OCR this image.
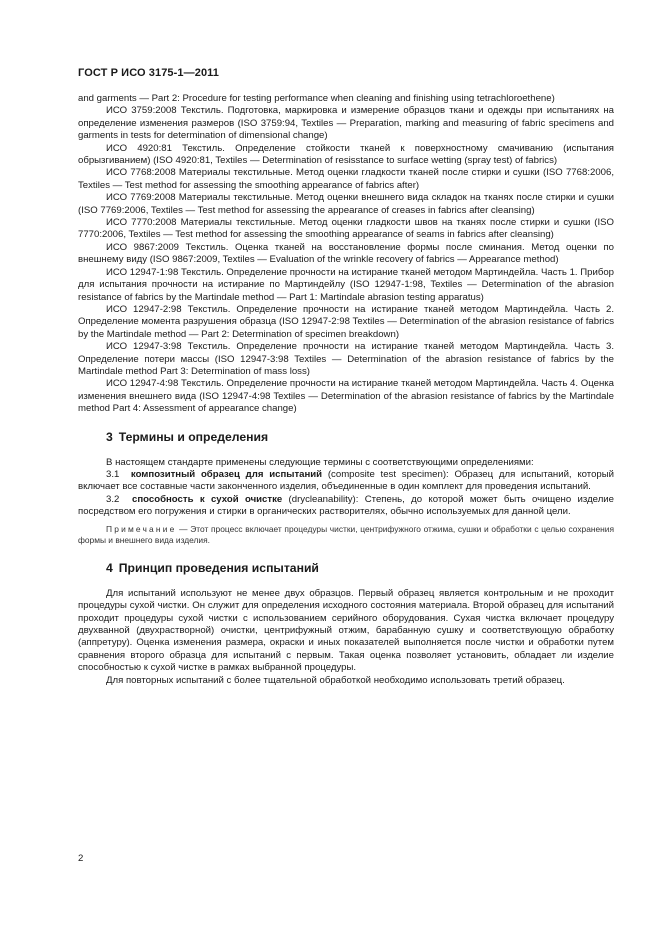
ГОСТ Р ИСО 3175-1—2011

and garments — Part 2: Procedure for testing performance when cleaning and finishing using tetrachloroethene)

ИСО 3759:2008 Текстиль. Подготовка, маркировка и измерение образцов ткани и одежды при испытаниях на определение изменения размеров (ISO 3759:94, Textiles — Preparation, marking and measuring of fabric specimens and garments in tests for determination of dimensional change)

ИСО 4920:81 Текстиль. Определение стойкости тканей к поверхностному смачиванию (испытания обрызгиванием) (ISO 4920:81, Textiles — Determination of resisstance to surface wetting (spray test) of fabrics)

ИСО 7768:2008 Материалы текстильные. Метод оценки гладкости тканей после стирки и сушки (ISO 7768:2006, Textiles — Test method for assessing the smoothing appearance of fabrics after)

ИСО 7769:2008 Материалы текстильные. Метод оценки внешнего вида складок на тканях после стирки и сушки (ISO 7769:2006, Textiles — Test method for assessing the appearance of creases in fabrics after cleansing)

ИСО 7770:2008 Материалы текстильные. Метод оценки гладкости швов на тканях после стирки и сушки (ISO 7770:2006, Textiles — Test method for assessing the smoothing appearance of seams in fabrics after cleansing)

ИСО 9867:2009 Текстиль. Оценка тканей на восстановление формы после сминания. Метод оценки по внешнему виду (ISO 9867:2009, Textiles — Evaluation of the wrinkle recovery of fabrics — Appearance method)

ИСО 12947-1:98 Текстиль. Определение прочности на истирание тканей методом Мартиндейла. Часть 1. Прибор для испытания прочности на истирание по Мартиндейлу (ISO 12947-1:98, Textiles — Determination of the abrasion resistance of fabrics by the Martindale method — Part 1: Martindale abrasion testing apparatus)

ИСО 12947-2:98 Текстиль. Определение прочности на истирание тканей методом Мартиндейла. Часть 2. Определение момента разрушения образца (ISO 12947-2:98 Textiles — Determination of the abrasion resistance of fabrics by the Martindale method — Part 2: Determination of specimen breakdown)

ИСО 12947-3:98 Текстиль. Определение прочности на истирание тканей методом Мартиндейла. Часть 3. Определение потери массы (ISO 12947-3:98 Textiles — Determination of the abrasion resistance of fabrics by the Martindale method Part 3: Determination of mass loss)

ИСО 12947-4:98 Текстиль. Определение прочности на истирание тканей методом Мартиндейла. Часть 4. Оценка изменения внешнего вида (ISO 12947-4:98 Textiles — Determination of the abrasion resistance of fabrics by the Martindale method Part 4: Assessment of appearance change)

3 Термины и определения

В настоящем стандарте применены следующие термины с соответствующими определениями:

3.1 композитный образец для испытаний (composite test specimen): Образец для испытаний, который включает все составные части законченного изделия, объединенные в один комплект для проведения испытаний.

3.2 способность к сухой очистке (drycleanability): Степень, до которой может быть очищено изделие посредством его погружения и стирки в органических растворителях, обычно используемых для данной цели.

Примечание — Этот процесс включает процедуры чистки, центрифужного отжима, сушки и обработки с целью сохранения формы и внешнего вида изделия.

4 Принцип проведения испытаний

Для испытаний используют не менее двух образцов. Первый образец является контрольным и не проходит процедуры сухой чистки. Он служит для определения исходного состояния материала. Второй образец для испытаний проходит процедуры сухой чистки с использованием серийного оборудования. Сухая чистка включает процедуру двухванной (двухрастворной) очистки, центрифужный отжим, барабанную сушку и соответствующую обработку (аппретуру). Оценка изменения размера, окраски и иных показателей выполняется после чистки и обработки путем сравнения второго образца для испытаний с первым. Такая оценка позволяет установить, обладает ли изделие способностью к сухой чистке в рамках выбранной процедуры.

Для повторных испытаний с более тщательной обработкой необходимо использовать третий образец.

2
